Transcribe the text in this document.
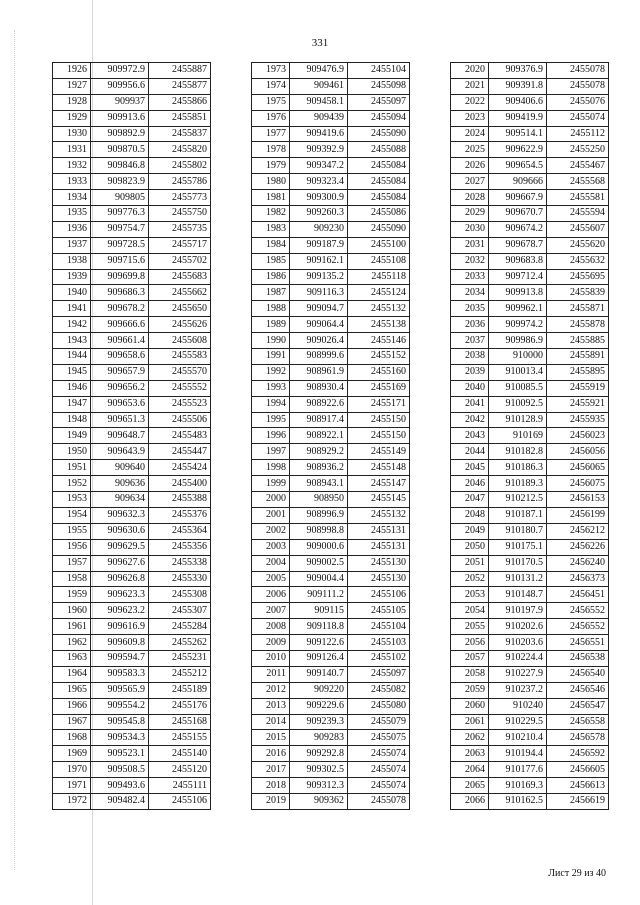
331
1926	909972.9	2455887
1927	909956.6	2455877
1928	909937	2455866
1929	909913.6	2455851
1930	909892.9	2455837
1931	909870.5	2455820
1932	909846.8	2455802
1933	909823.9	2455786
1934	909805	2455773
1935	909776.3	2455750
1936	909754.7	2455735
1937	909728.5	2455717
1938	909715.6	2455702
1939	909699.8	2455683
1940	909686.3	2455662
1941	909678.2	2455650
1942	909666.6	2455626
1943	909661.4	2455608
1944	909658.6	2455583
1945	909657.9	2455570
1946	909656.2	2455552
1947	909653.6	2455523
1948	909651.3	2455506
1949	909648.7	2455483
1950	909643.9	2455447
1951	909640	2455424
1952	909636	2455400
1953	909634	2455388
1954	909632.3	2455376
1955	909630.6	2455364
1956	909629.5	2455356
1957	909627.6	2455338
1958	909626.8	2455330
1959	909623.3	2455308
1960	909623.2	2455307
1961	909616.9	2455284
1962	909609.8	2455262
1963	909594.7	2455231
1964	909583.3	2455212
1965	909565.9	2455189
1966	909554.2	2455176
1967	909545.8	2455168
1968	909534.3	2455155
1969	909523.1	2455140
1970	909508.5	2455120
1971	909493.6	2455111
1972	909482.4	2455106
1973	909476.9	2455104
1974	909461	2455098
1975	909458.1	2455097
1976	909439	2455094
1977	909419.6	2455090
1978	909392.9	2455088
1979	909347.2	2455084
1980	909323.4	2455084
1981	909300.9	2455084
1982	909260.3	2455086
1983	909230	2455090
1984	909187.9	2455100
1985	909162.1	2455108
1986	909135.2	2455118
1987	909116.3	2455124
1988	909094.7	2455132
1989	909064.4	2455138
1990	909026.4	2455146
1991	908999.6	2455152
1992	908961.9	2455160
1993	908930.4	2455169
1994	908922.6	2455171
1995	908917.4	2455150
1996	908922.1	2455150
1997	908929.2	2455149
1998	908936.2	2455148
1999	908943.1	2455147
2000	908950	2455145
2001	908996.9	2455132
2002	908998.8	2455131
2003	909000.6	2455131
2004	909002.5	2455130
2005	909004.4	2455130
2006	909111.2	2455106
2007	909115	2455105
2008	909118.8	2455104
2009	909122.6	2455103
2010	909126.4	2455102
2011	909140.7	2455097
2012	909220	2455082
2013	909229.6	2455080
2014	909239.3	2455079
2015	909283	2455075
2016	909292.8	2455074
2017	909302.5	2455074
2018	909312.3	2455074
2019	909362	2455078
2020	909376.9	2455078
2021	909391.8	2455078
2022	909406.6	2455076
2023	909419.9	2455074
2024	909514.1	2455112
2025	909622.9	2455250
2026	909654.5	2455467
2027	909666	2455568
2028	909667.9	2455581
2029	909670.7	2455594
2030	909674.2	2455607
2031	909678.7	2455620
2032	909683.8	2455632
2033	909712.4	2455695
2034	909913.8	2455839
2035	909962.1	2455871
2036	909974.2	2455878
2037	909986.9	2455885
2038	910000	2455891
2039	910013.4	2455895
2040	910085.5	2455919
2041	910092.5	2455921
2042	910128.9	2455935
2043	910169	2456023
2044	910182.8	2456056
2045	910186.3	2456065
2046	910189.3	2456075
2047	910212.5	2456153
2048	910187.1	2456199
2049	910180.7	2456212
2050	910175.1	2456226
2051	910170.5	2456240
2052	910131.2	2456373
2053	910148.7	2456451
2054	910197.9	2456552
2055	910202.6	2456552
2056	910203.6	2456551
2057	910224.4	2456538
2058	910227.9	2456540
2059	910237.2	2456546
2060	910240	2456547
2061	910229.5	2456558
2062	910210.4	2456578
2063	910194.4	2456592
2064	910177.6	2456605
2065	910169.3	2456613
2066	910162.5	2456619
Лист 29 из 40
